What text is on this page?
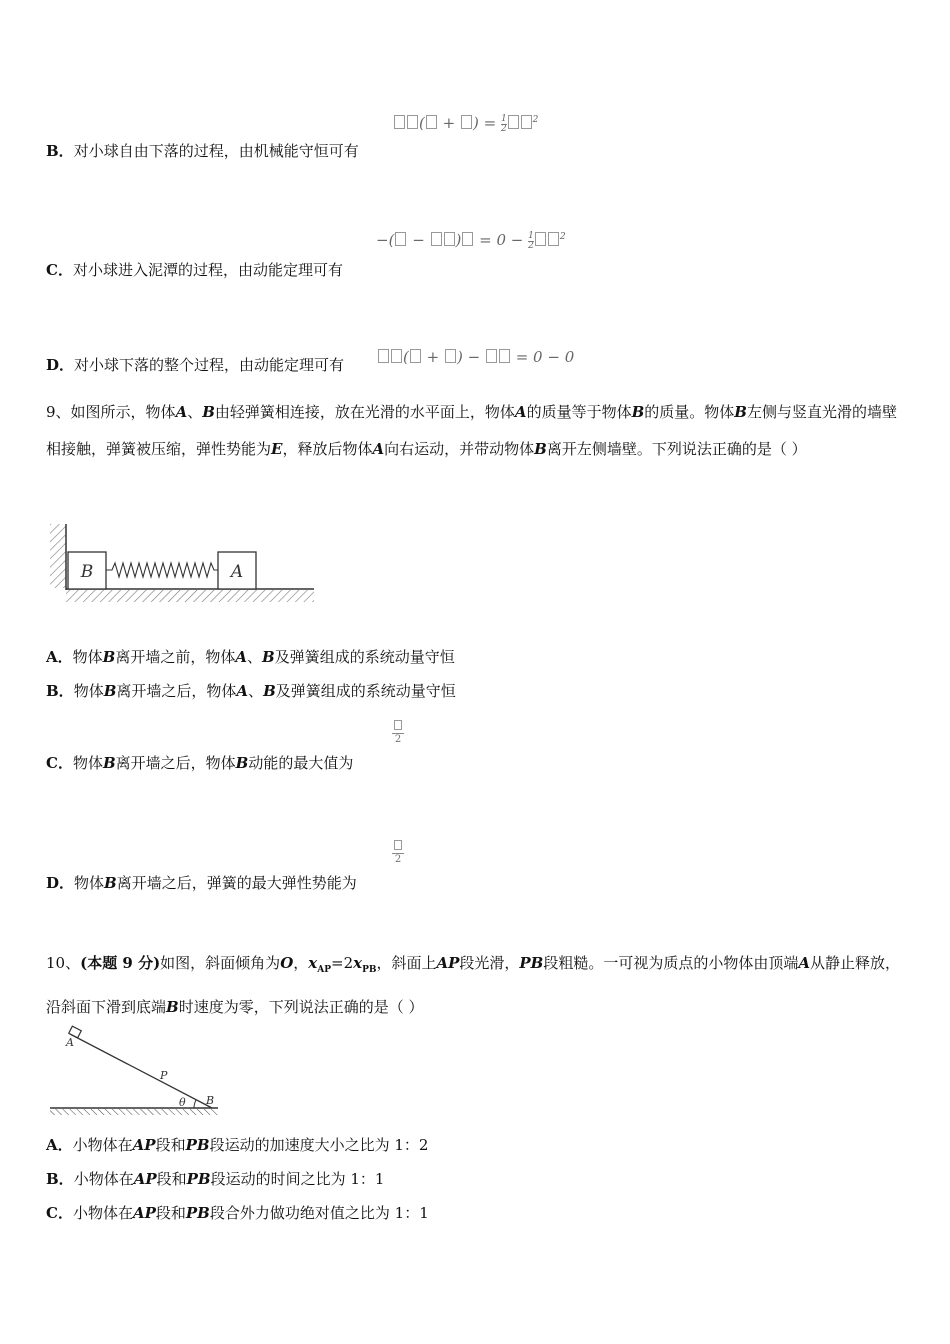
( + ) = $\frac{1}{2}$	$^2$
B．对小球自由下落的过程，由机械能守恒可有
−( − ) = $0 - \frac{1}{2}$	$^2$
C．对小球进入泥潭的过程，由动能定理可有
D．对小球下落的整个过程，由动能定理可有	( + ) −  = 0 − 0
9、如图所示，物体A、B由轻弹簧相连接，放在光滑的水平面上，物体A的质量等于物体B的质量。物体B左侧与竖直光滑的墙壁相接触，弹簧被压缩，弹性势能为E，释放后物体A向右运动，并带动物体B离开左侧墙壁。下列说法正确的是（ ）
B	A
A．物体B离开墙之前，物体A、B及弹簧组成的系统动量守恒
B．物体B离开墙之后，物体A、B及弹簧组成的系统动量守恒
2
C．物体B离开墙之后，物体B动能的最大值为
2
D．物体B离开墙之后，弹簧的最大弹性势能为
10、(本题 9 分)如图，斜面倾角为O，$x_{AP}=2x_{PB}$，斜面上AP段光滑，PB段粗糙。一可视为质点的小物体由顶端A从静止释放，沿斜面下滑到底端B时速度为零，下列说法正确的是（ ）
A
P
θ B
A．小物体在AP段和PB段运动的加速度大小之比为 1：2
B．小物体在AP段和PB段运动的时间之比为 1：1
C．小物体在AP段和PB段合外力做功绝对值之比为 1：1
